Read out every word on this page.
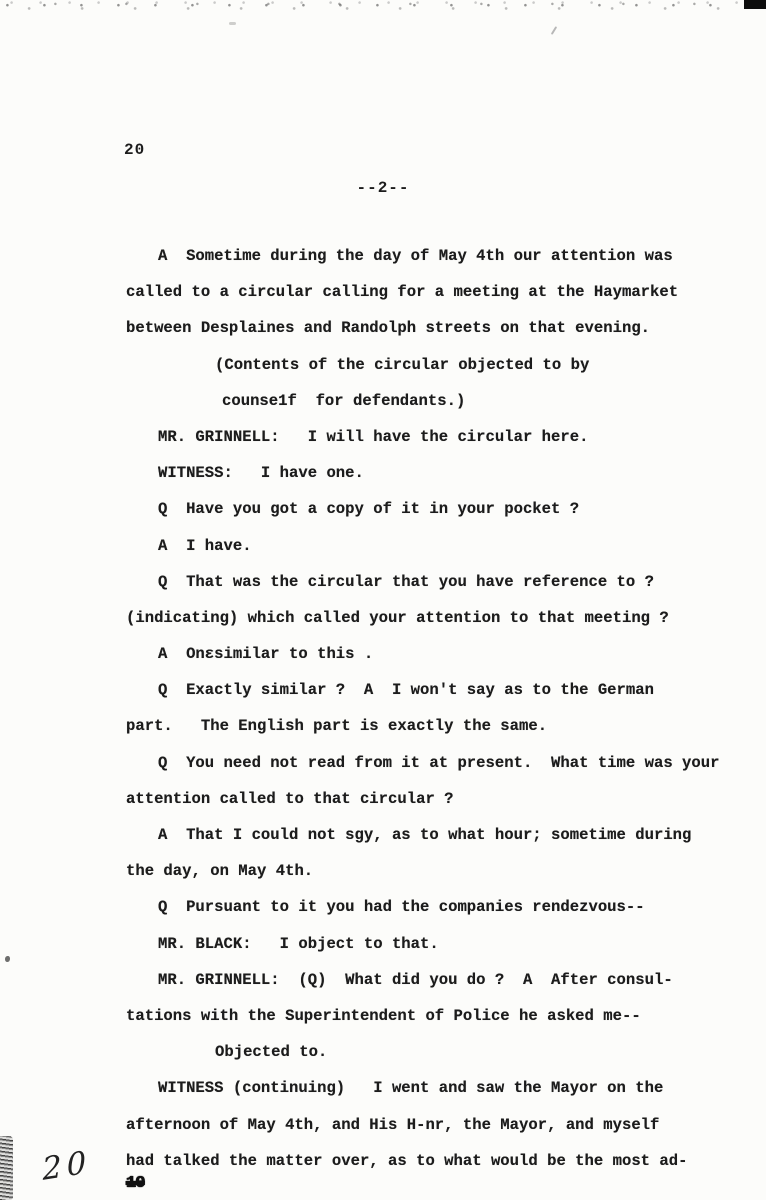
20
--2--
A  Sometime during the day of May 4th our attention was
called to a circular calling for a meeting at the Haymarket
between Desplaines and Randolph streets on that evening.
(Contents of the circular objected to by
counse1f  for defendants.)
MR. GRINNELL:   I will have the circular here.
WITNESS:   I have one.
Q  Have you got a copy of it in your pocket ?
A  I have.
Q  That was the circular that you have reference to ?
(indicating) which called your attention to that meeting ?
A  Onɛsimilar to this .
Q  Exactly similar ?  A  I won't say as to the German
part.   The English part is exactly the same.
Q  You need not read from it at present.  What time was your
attention called to that circular ?
A  That I could not sgy, as to what hour; sometime during
the day, on May 4th.
Q  Pursuant to it you had the companies rendezvous--
MR. BLACK:   I object to that.
MR. GRINNELL:  (Q)  What did you do ?  A  After consul-
tations with the Superintendent of Police he asked me--
Objected to.
WITNESS (continuing)   I went and saw the Mayor on the
afternoon of May 4th, and His H-nr, the Mayor, and myself
had talked the matter over, as to what would be the most ad-
20 10
